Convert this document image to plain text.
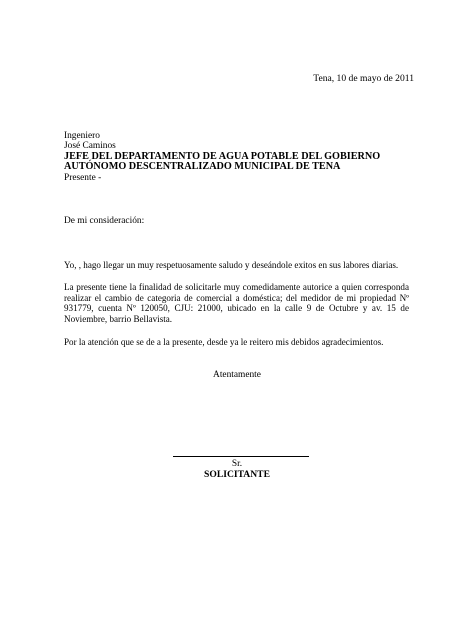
Tena, 10 de mayo de 2011
Ingeniero
José Caminos
JEFE DEL DEPARTAMENTO DE AGUA POTABLE DEL GOBIERNO
AUTÓNOMO DESCENTRALIZADO MUNICIPAL DE TENA
Presente -
De mi consideración:
Yo, , hago llegar un muy respetuosamente saludo y deseándole exitos en sus labores diarias.
La presente tiene la finalidad de solicitarle muy comedidamente autorice a quien corresponda realizar el cambio de categoria de comercial a doméstica; del medidor de mi propiedad Nº 931779, cuenta Nº 120050, CJU: 21000, ubicado en la calle 9 de Octubre y av. 15 de Noviembre, barrio Bellavista.
Por la atención que se de a la presente, desde ya le reitero mis debidos agradecimientos.
Atentamente
Sr.
SOLICITANTE
